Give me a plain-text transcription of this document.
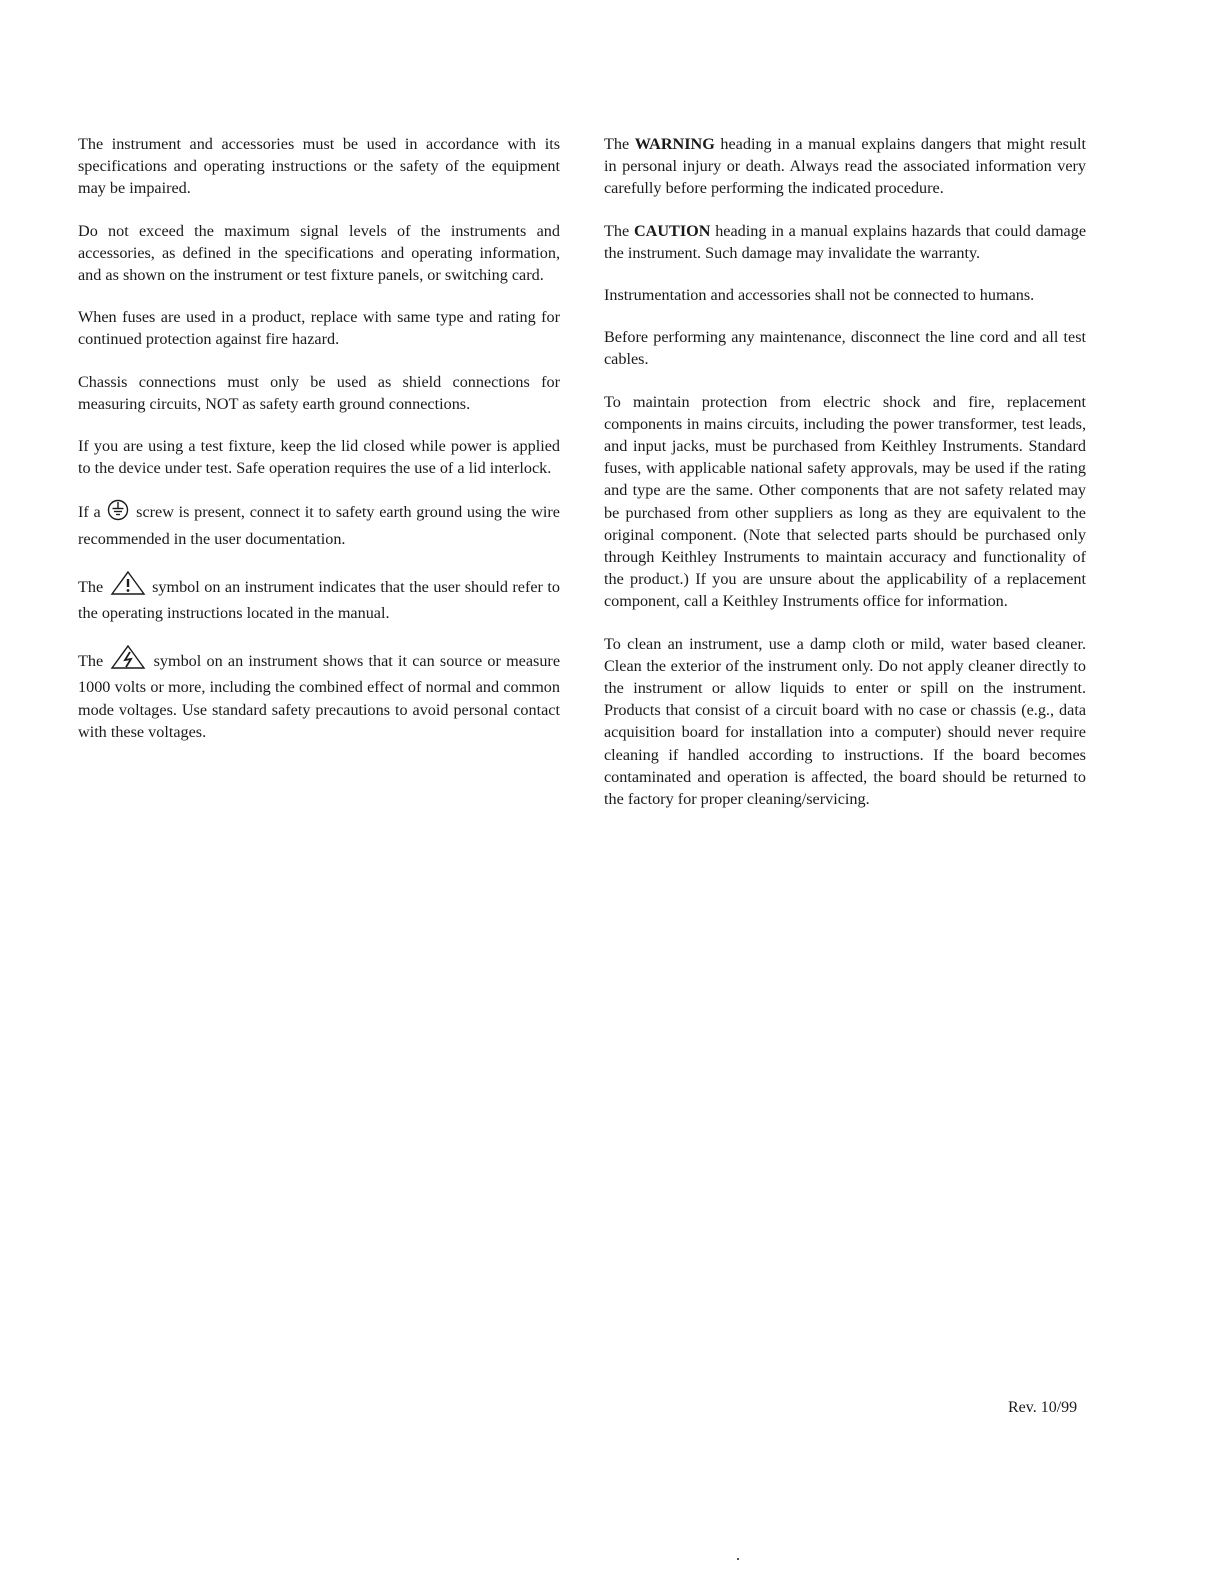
The instrument and accessories must be used in accordance with its specifications and operating instructions or the safety of the equipment may be impaired.

Do not exceed the maximum signal levels of the instruments and accessories, as defined in the specifications and operating information, and as shown on the instrument or test fixture panels, or switching card.

When fuses are used in a product, replace with same type and rating for continued protection against fire hazard.

Chassis connections must only be used as shield connections for measuring circuits, NOT as safety earth ground connections.

If you are using a test fixture, keep the lid closed while power is applied to the device under test. Safe operation requires the use of a lid interlock.

If a  screw is present, connect it to safety earth ground using the wire recommended in the user documentation.

The  symbol on an instrument indicates that the user should refer to the operating instructions located in the manual.

The  symbol on an instrument shows that it can source or measure 1000 volts or more, including the combined effect of normal and common mode voltages. Use standard safety precautions to avoid personal contact with these voltages.

The WARNING heading in a manual explains dangers that might result in personal injury or death. Always read the associated information very carefully before performing the indicated procedure.

The CAUTION heading in a manual explains hazards that could damage the instrument. Such damage may invalidate the warranty.

Instrumentation and accessories shall not be connected to humans.

Before performing any maintenance, disconnect the line cord and all test cables.

To maintain protection from electric shock and fire, replacement components in mains circuits, including the power transformer, test leads, and input jacks, must be purchased from Keithley Instruments. Standard fuses, with applicable national safety approvals, may be used if the rating and type are the same. Other components that are not safety related may be purchased from other suppliers as long as they are equivalent to the original component. (Note that selected parts should be purchased only through Keithley Instruments to maintain accuracy and functionality of the product.) If you are unsure about the applicability of a replacement component, call a Keithley Instruments office for information.

To clean an instrument, use a damp cloth or mild, water based cleaner. Clean the exterior of the instrument only. Do not apply cleaner directly to the instrument or allow liquids to enter or spill on the instrument. Products that consist of a circuit board with no case or chassis (e.g., data acquisition board for installation into a computer) should never require cleaning if handled according to instructions. If the board becomes contaminated and operation is affected, the board should be returned to the factory for proper cleaning/servicing.

Rev. 10/99
